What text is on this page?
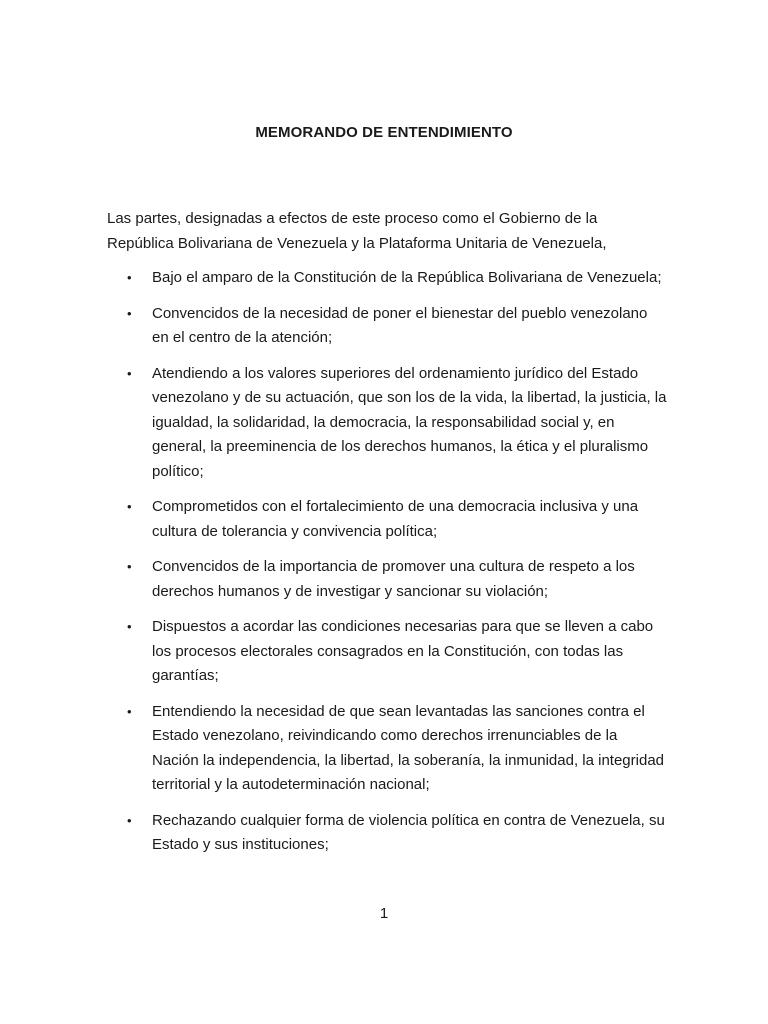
MEMORANDO DE ENTENDIMIENTO
Las partes, designadas a efectos de este proceso como el Gobierno de la República Bolivariana de Venezuela y la Plataforma Unitaria de Venezuela,
• Bajo el amparo de la Constitución de la República Bolivariana de Venezuela;
• Convencidos de la necesidad de poner el bienestar del pueblo venezolano en el centro de la atención;
• Atendiendo a los valores superiores del ordenamiento jurídico del Estado venezolano y de su actuación, que son los de la vida, la libertad, la justicia, la igualdad, la solidaridad, la democracia, la responsabilidad social y, en general, la preeminencia de los derechos humanos, la ética y el pluralismo político;
• Comprometidos con el fortalecimiento de una democracia inclusiva y una cultura de tolerancia y convivencia política;
• Convencidos de la importancia de promover una cultura de respeto a los derechos humanos y de investigar y sancionar su violación;
• Dispuestos a acordar las condiciones necesarias para que se lleven a cabo los procesos electorales consagrados en la Constitución, con todas las garantías;
• Entendiendo la necesidad de que sean levantadas las sanciones contra el Estado venezolano, reivindicando como derechos irrenunciables de la Nación la independencia, la libertad, la soberanía, la inmunidad, la integridad territorial y la autodeterminación nacional;
• Rechazando cualquier forma de violencia política en contra de Venezuela, su Estado y sus instituciones;
1
